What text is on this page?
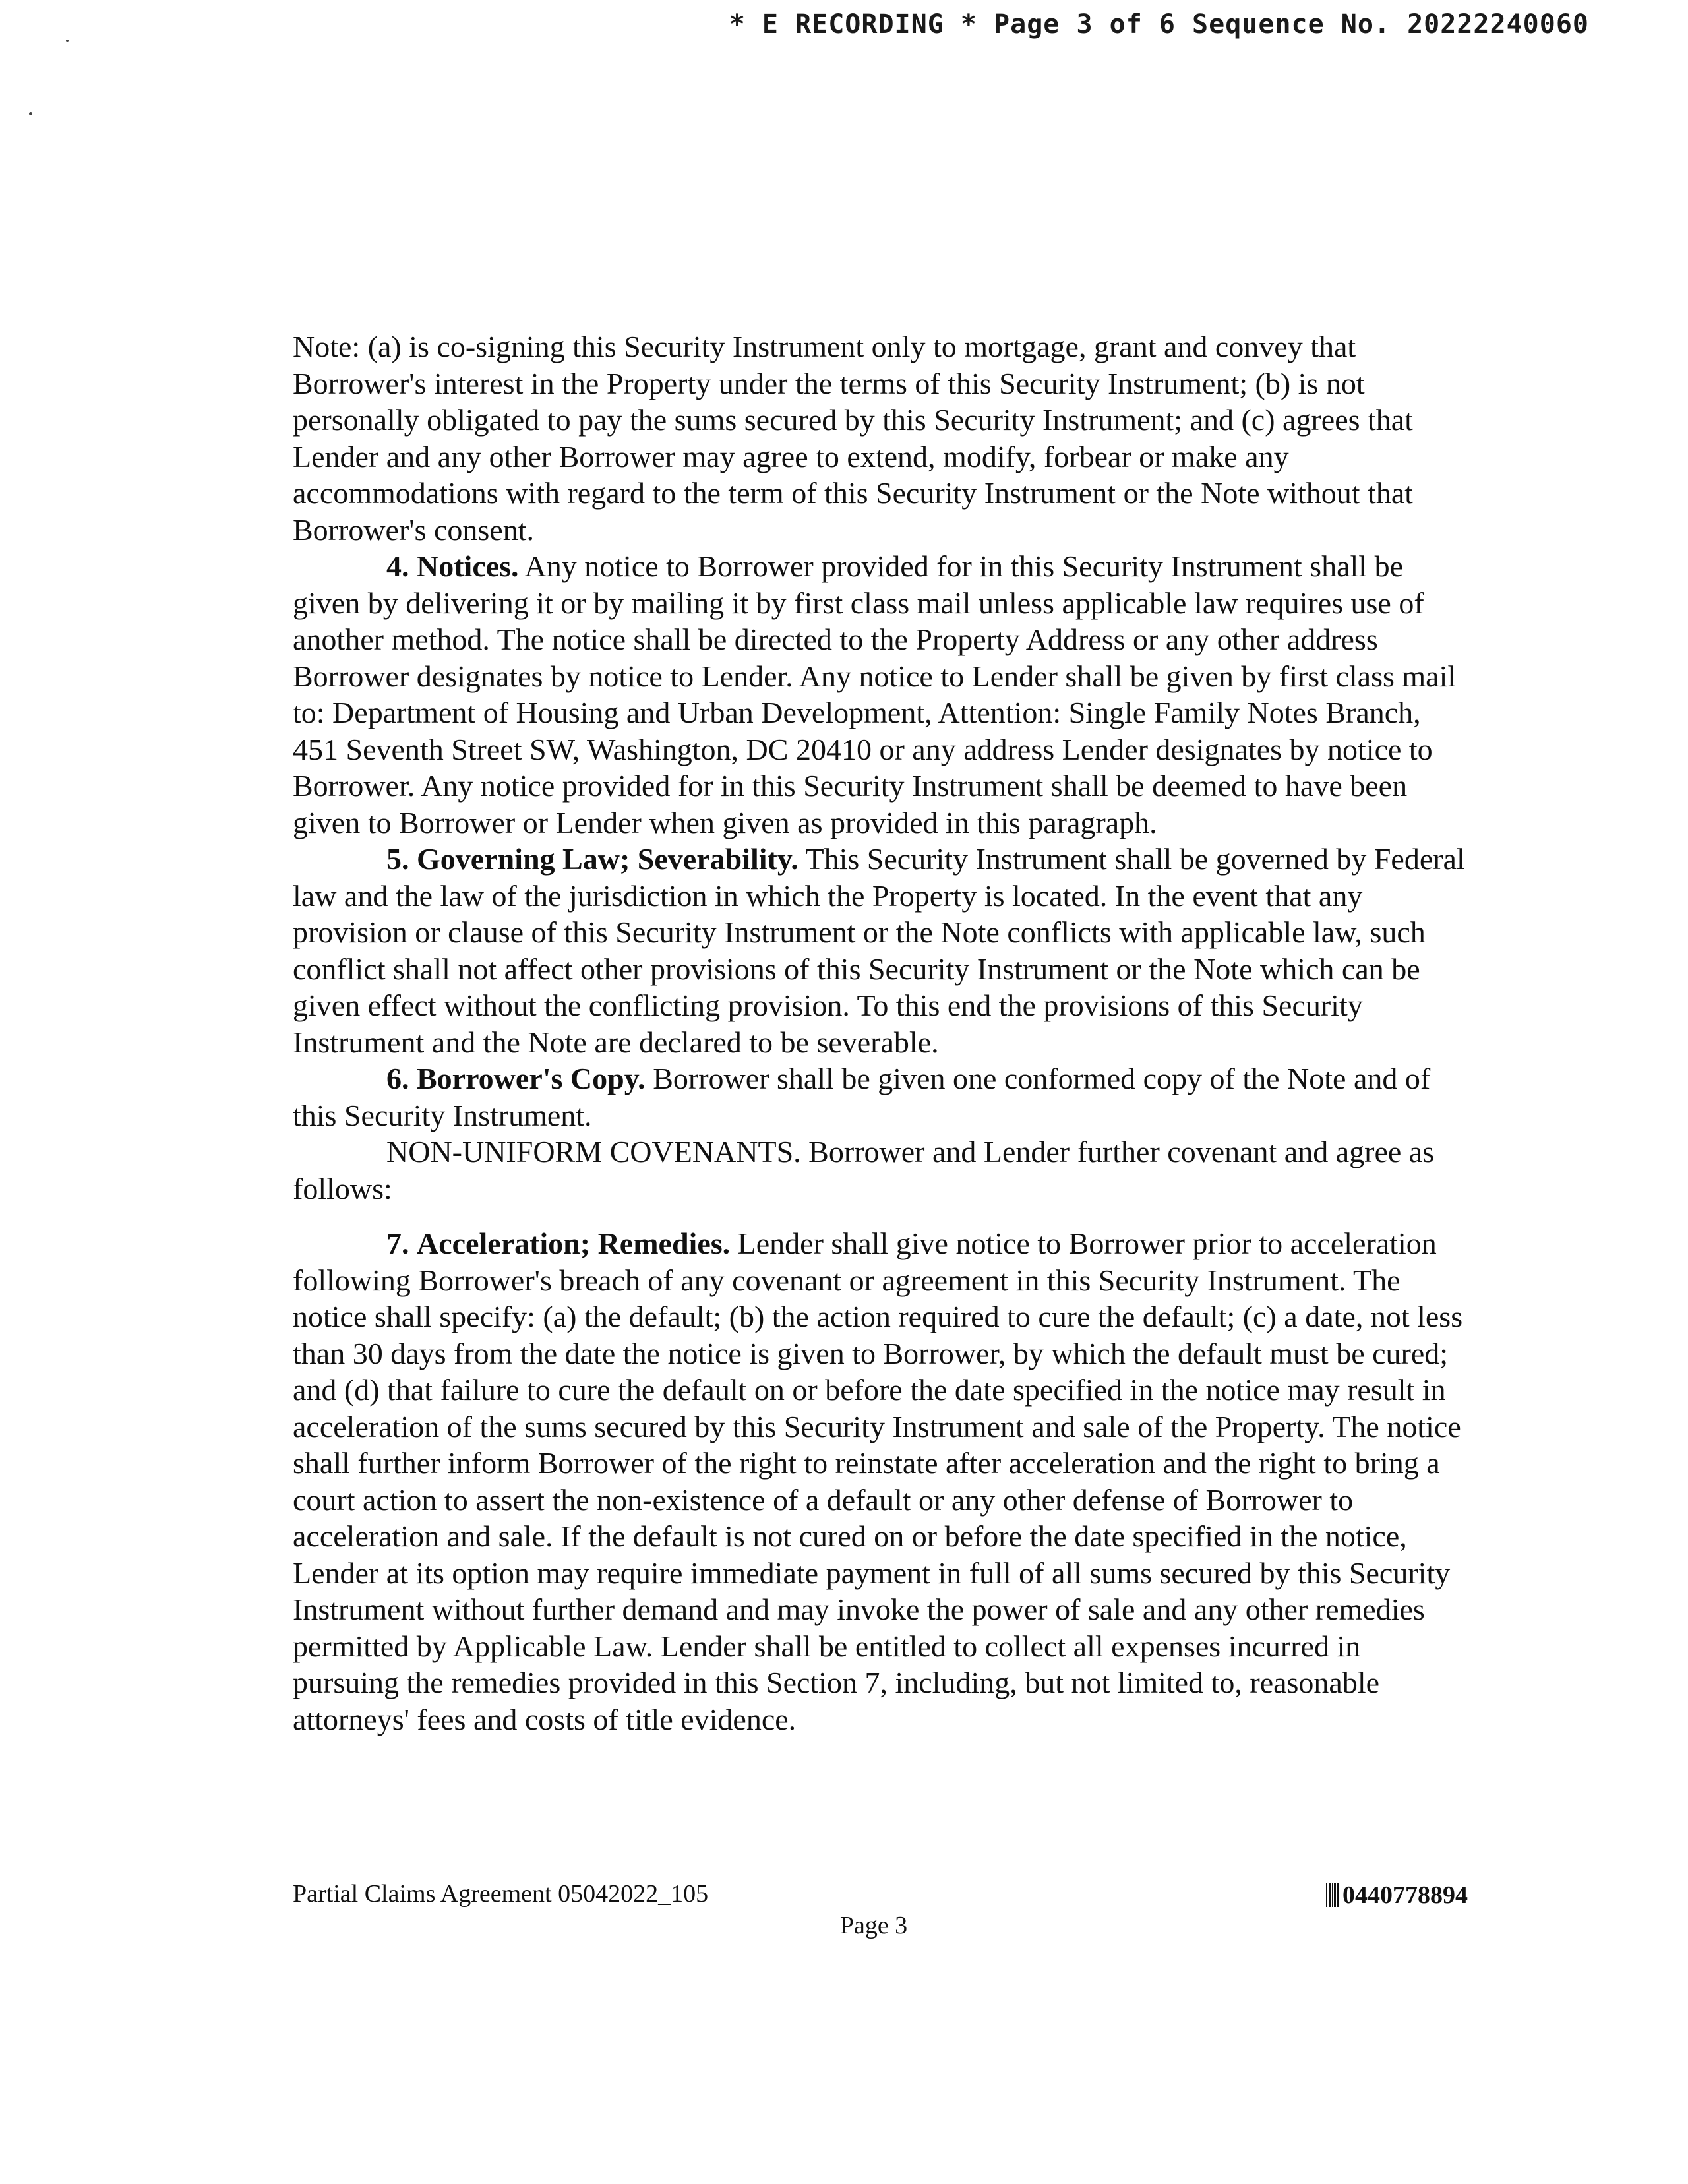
* E RECORDING * Page 3 of 6 Sequence No. 20222240060

Note: (a) is co-signing this Security Instrument only to mortgage, grant and convey that Borrower's interest in the Property under the terms of this Security Instrument; (b) is not personally obligated to pay the sums secured by this Security Instrument; and (c) agrees that Lender and any other Borrower may agree to extend, modify, forbear or make any accommodations with regard to the term of this Security Instrument or the Note without that Borrower's consent.

4. Notices. Any notice to Borrower provided for in this Security Instrument shall be given by delivering it or by mailing it by first class mail unless applicable law requires use of another method. The notice shall be directed to the Property Address or any other address Borrower designates by notice to Lender. Any notice to Lender shall be given by first class mail to: Department of Housing and Urban Development, Attention: Single Family Notes Branch, 451 Seventh Street SW, Washington, DC 20410 or any address Lender designates by notice to Borrower. Any notice provided for in this Security Instrument shall be deemed to have been given to Borrower or Lender when given as provided in this paragraph.

5. Governing Law; Severability. This Security Instrument shall be governed by Federal law and the law of the jurisdiction in which the Property is located. In the event that any provision or clause of this Security Instrument or the Note conflicts with applicable law, such conflict shall not affect other provisions of this Security Instrument or the Note which can be given effect without the conflicting provision. To this end the provisions of this Security Instrument and the Note are declared to be severable.

6. Borrower's Copy. Borrower shall be given one conformed copy of the Note and of this Security Instrument.

NON-UNIFORM COVENANTS. Borrower and Lender further covenant and agree as follows:

7. Acceleration; Remedies. Lender shall give notice to Borrower prior to acceleration following Borrower's breach of any covenant or agreement in this Security Instrument. The notice shall specify: (a) the default; (b) the action required to cure the default; (c) a date, not less than 30 days from the date the notice is given to Borrower, by which the default must be cured; and (d) that failure to cure the default on or before the date specified in the notice may result in acceleration of the sums secured by this Security Instrument and sale of the Property. The notice shall further inform Borrower of the right to reinstate after acceleration and the right to bring a court action to assert the non-existence of a default or any other defense of Borrower to acceleration and sale. If the default is not cured on or before the date specified in the notice, Lender at its option may require immediate payment in full of all sums secured by this Security Instrument without further demand and may invoke the power of sale and any other remedies permitted by Applicable Law. Lender shall be entitled to collect all expenses incurred in pursuing the remedies provided in this Section 7, including, but not limited to, reasonable attorneys' fees and costs of title evidence.

Partial Claims Agreement 05042022_105	0440778894
Page 3
